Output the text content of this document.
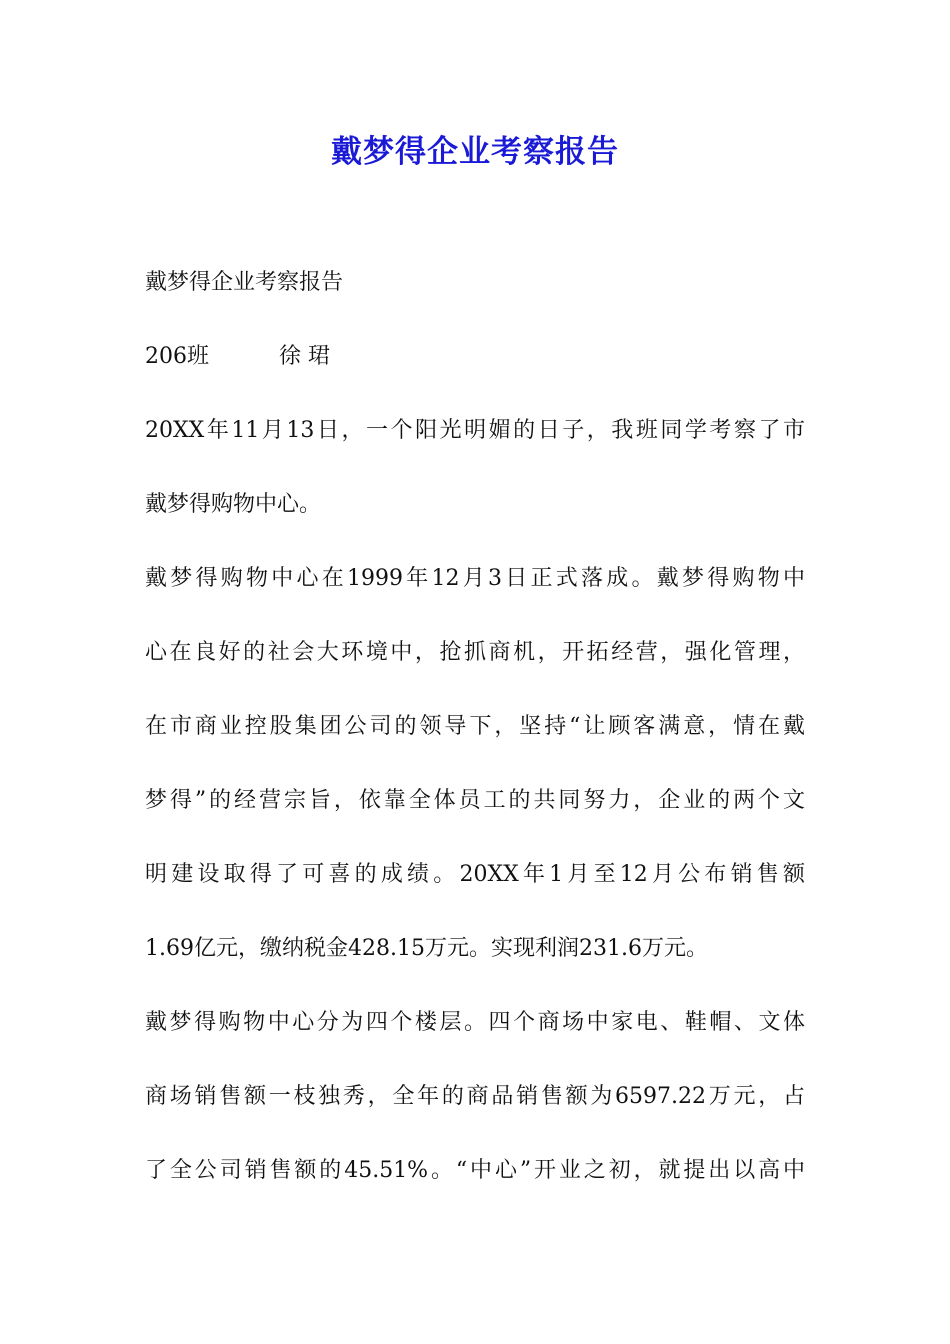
戴梦得企业考察报告
戴梦得企业考察报告
206班	徐 珺
20XX年11月13日，一个阳光明媚的日子，我班同学考察了市
戴梦得购物中心。
戴梦得购物中心在1999年12月3日正式落成。戴梦得购物中
心在良好的社会大环境中，抢抓商机，开拓经营，强化管理，
在市商业控股集团公司的领导下，坚持“让顾客满意，情在戴
梦得”的经营宗旨，依靠全体员工的共同努力，企业的两个文
明建设取得了可喜的成绩。20XX年1月至12月公布销售额
1.69亿元，缴纳税金428.15万元。实现利润231.6万元。
戴梦得购物中心分为四个楼层。四个商场中家电、鞋帽、文体
商场销售额一枝独秀，全年的商品销售额为6597.22万元，占
了全公司销售额的45.51%。“中心”开业之初，就提出以高中
